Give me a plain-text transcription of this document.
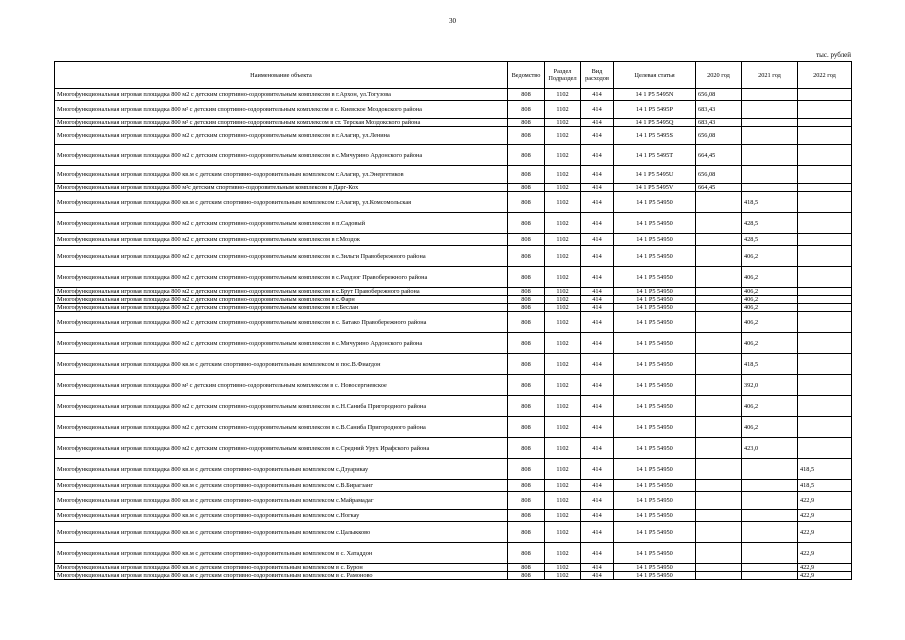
30
тыс. рублей
Наименование объекта	Ведомство	Раздел Подраздел	Вид расходов	Целевая статья	2020 год	2021 год	2022 год
Многофункциональная игровая площадка 800 м2 с детским спортивно-оздоровительным комплексом в г.Архон, ул.Тогузова	808	1102	414	14 1 P5 5495N	656,08		
Многофункциональная игровая площадка 800 м² с детским спортивно-оздоровительным комплексом в с. Киевское Моздокского района	808	1102	414	14 1 P5 5495P	683,43		
Многофункциональная игровая площадка 800 м² с детским спортивно-оздоровительным комплексом в ст. Терская Моздокского района	808	1102	414	14 1 P5 5495Q	683,43		
Многофункциональная игровая площадка 800 м2 с детским спортивно-оздоровительным комплексом в г.Алагир, ул.Ленина	808	1102	414	14 1 P5 5495S	656,08		
Многофункциональная игровая площадка 800 м2 с детским спортивно-оздоровительным комплексом в с.Мичурино Ардонского района	808	1102	414	14 1 P5 5495T	664,45		
Многофункциональная игровая площадка 800 кв.м с детским спортивно-оздоровительным комплексом г.Алагир, ул.Энергетиков	808	1102	414	14 1 P5 5495U	656,08		
Многофункциональная игровая площадка 800 м²с детским спортивно-оздоровительным комплексом в Дарг-Кох	808	1102	414	14 1 P5 5495V	664,45		
Многофункциональная игровая площадка 800 кв.м с детским спортивно-оздоровительным комплексом г.Алагир, ул.Комсомольская	808	1102	414	14 1 P5 54950		418,5	
Многофункциональная игровая площадка 800 м2 с детским спортивно-оздоровительным комплексом в п.Садовый	808	1102	414	14 1 P5 54950		428,5	
Многофункциональная игровая площадка 800 м2 с детским спортивно-оздоровительным комплексом в г.Моздок	808	1102	414	14 1 P5 54950		428,5	
Многофункциональная игровая площадка 800 м2 с детским спортивно-оздоровительным комплексом в с.Зильги Правобережного района	808	1102	414	14 1 P5 54950		406,2	
Многофункциональная игровая площадка 800 м2 с детским спортивно-оздоровительным комплексом в с.Раздзог Правобережного района	808	1102	414	14 1 P5 54950		406,2	
Многофункциональная игровая площадка 800 м2 с детским спортивно-оздоровительным комплексом в с.Брут Правобережного района	808	1102	414	14 1 P5 54950		406,2	
Многофункциональная игровая площадка 800 м2 с детским спортивно-оздоровительным комплексом в с.Фарн	808	1102	414	14 1 P5 54950		406,2	
Многофункциональная игровая площадка 800 м2 с детским спортивно-оздоровительным комплексом в г.Беслан	808	1102	414	14 1 P5 54950		406,2	
Многофункциональная игровая площадка 800 м2 с детским спортивно-оздоровительным комплексом в с. Батако Правобережного района	808	1102	414	14 1 P5 54950		406,2	
Многофункциональная игровая площадка 800 м2 с детским спортивно-оздоровительным комплексом в с.Мичурино Ардонского района	808	1102	414	14 1 P5 54950		406,2	
Многофункциональная игровая площадка 800 кв.м с детским спортивно-оздоровительным комплексом в пос.В.Фиагдон	808	1102	414	14 1 P5 54950		418,5	
Многофункциональная игровая площадка 800 м² с детским спортивно-оздоровительным комплексом в с. Новосергиевское	808	1102	414	14 1 P5 54950		392,0	
Многофункциональная игровая площадка 800 м2 с детским спортивно-оздоровительным комплексом в с.Н.Саниба Пригородного района	808	1102	414	14 1 P5 54950		406,2	
Многофункциональная игровая площадка 800 м2 с детским спортивно-оздоровительным комплексом в с.В.Саниба Пригородного района	808	1102	414	14 1 P5 54950		406,2	
Многофункциональная игровая площадка 800 м2 с детским спортивно-оздоровительным комплексом в с.Средний Урух Ирафского района	808	1102	414	14 1 P5 54950		423,0	
Многофункциональная игровая площадка 800 кв.м с детским спортивно-оздоровительным комплексом с.Дзуарикау	808	1102	414	14 1 P5 54950			418,5
Многофункциональная игровая площадка 800 кв.м с детским спортивно-оздоровительным комплексом с.В.Бирагзанг	808	1102	414	14 1 P5 54950			418,5
Многофункциональная игровая площадка 800 кв.м с детским спортивно-оздоровительным комплексом с.Майрамадаг	808	1102	414	14 1 P5 54950			422,9
Многофункциональная игровая площадка 800 кв.м с детским спортивно-оздоровительным комплексом с.Ногкау	808	1102	414	14 1 P5 54950			422,9
Многофункциональная игровая площадка 800 кв.м с детским спортивно-оздоровительным комплексом с.Цалыкково	808	1102	414	14 1 P5 54950			422,9
Многофункциональная игровая площадка 800 кв.м с детским спортивно-оздоровительным комплексом в с. Хатаддон	808	1102	414	14 1 P5 54950			422,9
Многофункциональная игровая площадка 800 кв.м с детским спортивно-оздоровительным комплексом в с. Бурон	808	1102	414	14 1 P5 54950			422,9
Многофункциональная игровая площадка 800 кв.м с детским спортивно-оздоровительным комплексом в с. Рамоново	808	1102	414	14 1 P5 54950			422,9
